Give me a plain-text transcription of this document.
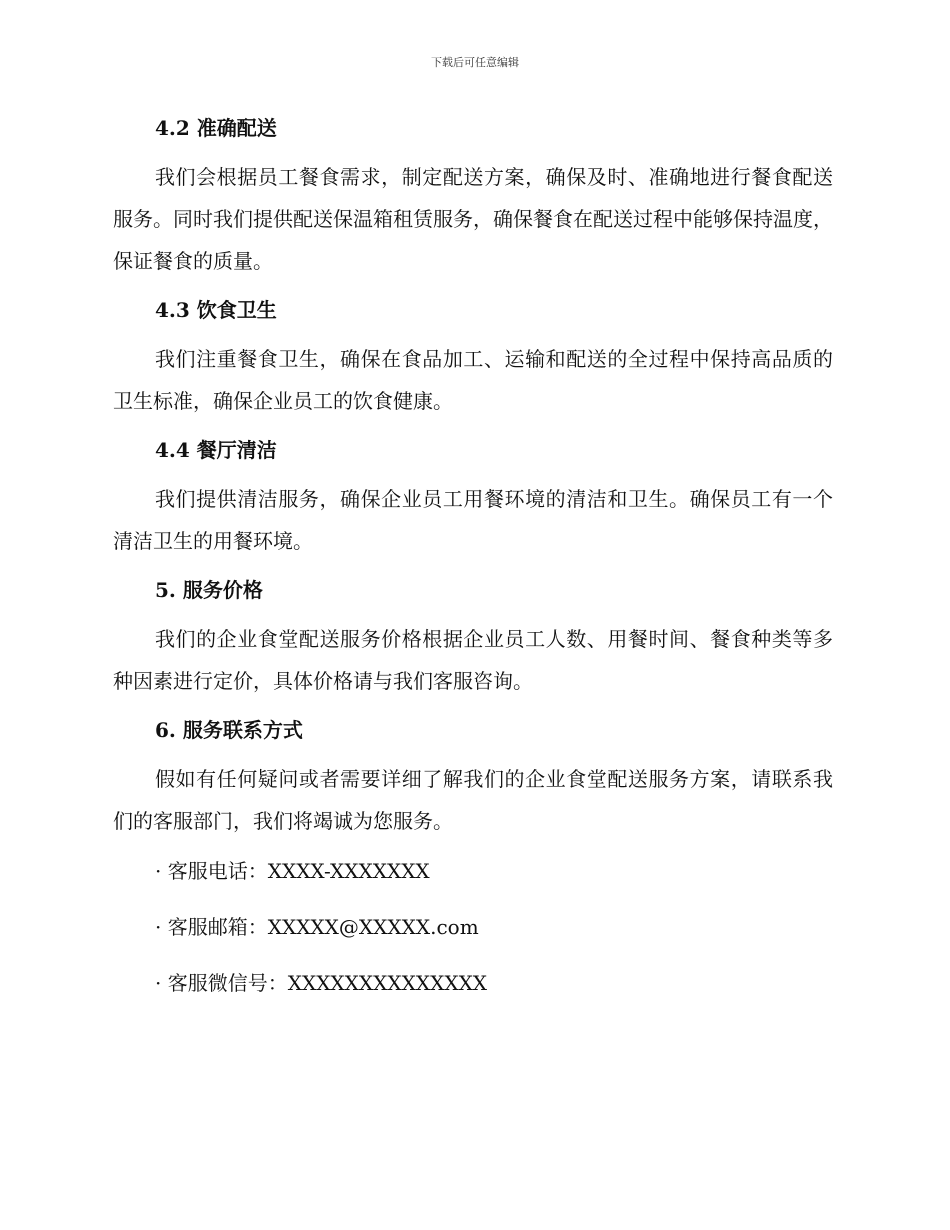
下载后可任意编辑
4.2 准确配送

我们会根据员工餐食需求，制定配送方案，确保及时、准确地进行餐食配送服务。同时我们提供配送保温箱租赁服务，确保餐食在配送过程中能够保持温度，保证餐食的质量。

4.3 饮食卫生

我们注重餐食卫生，确保在食品加工、运输和配送的全过程中保持高品质的卫生标准，确保企业员工的饮食健康。

4.4 餐厅清洁

我们提供清洁服务，确保企业员工用餐环境的清洁和卫生。确保员工有一个清洁卫生的用餐环境。

5. 服务价格

我们的企业食堂配送服务价格根据企业员工人数、用餐时间、餐食种类等多种因素进行定价，具体价格请与我们客服咨询。

6. 服务联系方式

假如有任何疑问或者需要详细了解我们的企业食堂配送服务方案，请联系我们的客服部门，我们将竭诚为您服务。

· 客服电话：XXXX-XXXXXXX
· 客服邮箱：XXXXX@XXXXX.com
· 客服微信号：XXXXXXXXXXXXXX
